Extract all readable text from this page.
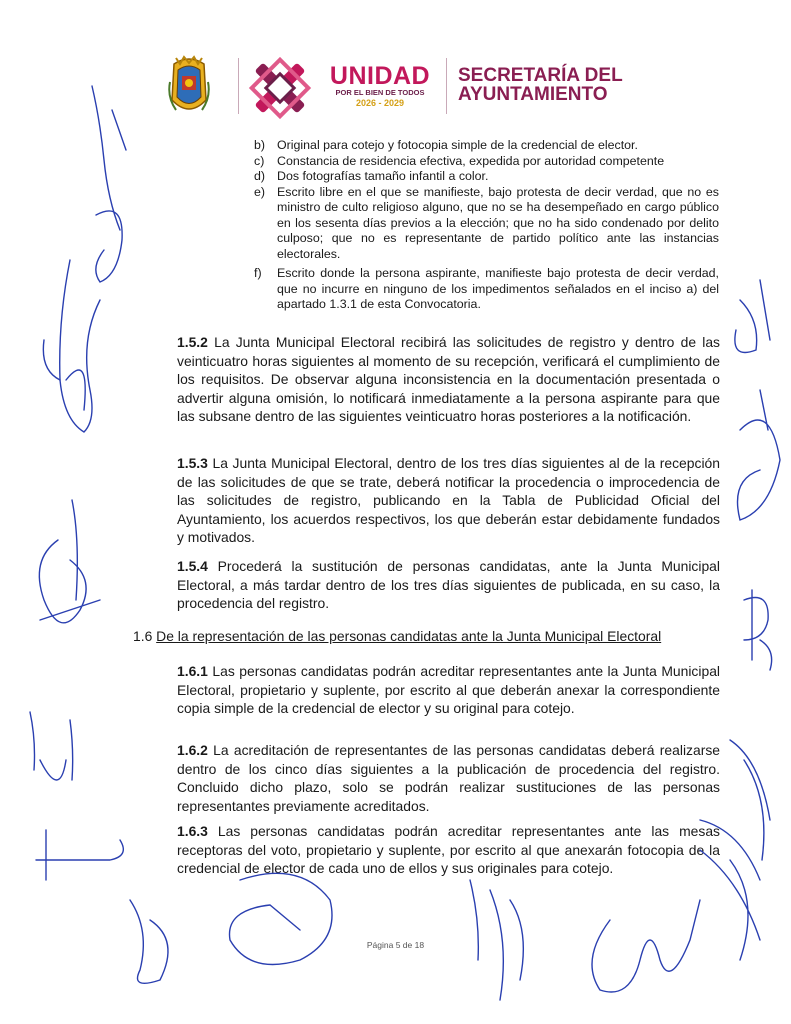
UNIDAD
POR EL BIEN DE TODOS
2026 - 2029
SECRETARÍA DEL
AYUNTAMIENTO
b) Original para cotejo y fotocopia simple de la credencial de elector.
c) Constancia de residencia efectiva, expedida por autoridad competente
d) Dos fotografías tamaño infantil a color.
e) Escrito libre en el que se manifieste, bajo protesta de decir verdad, que no es ministro de culto religioso alguno, que no se ha desempeñado en cargo público en los sesenta días previos a la elección; que no ha sido condenado por delito culposo; que no es representante de partido político ante las instancias electorales.
f) Escrito donde la persona aspirante, manifieste bajo protesta de decir verdad, que no incurre en ninguno de los impedimentos señalados en el inciso a) del apartado 1.3.1 de esta Convocatoria.
1.5.2 La Junta Municipal Electoral recibirá las solicitudes de registro y dentro de las veinticuatro horas siguientes al momento de su recepción, verificará el cumplimiento de los requisitos. De observar alguna inconsistencia en la documentación presentada o advertir alguna omisión, lo notificará inmediatamente a la persona aspirante para que las subsane dentro de las siguientes veinticuatro horas posteriores a la notificación.
1.5.3 La Junta Municipal Electoral, dentro de los tres días siguientes al de la recepción de las solicitudes de que se trate, deberá notificar la procedencia o improcedencia de las solicitudes de registro, publicando en la Tabla de Publicidad Oficial del Ayuntamiento, los acuerdos respectivos, los que deberán estar debidamente fundados y motivados.
1.5.4 Procederá la sustitución de personas candidatas, ante la Junta Municipal Electoral, a más tardar dentro de los tres días siguientes de publicada, en su caso, la procedencia del registro.
1.6 De la representación de las personas candidatas ante la Junta Municipal Electoral
1.6.1 Las personas candidatas podrán acreditar representantes ante la Junta Municipal Electoral, propietario y suplente, por escrito al que deberán anexar la correspondiente copia simple de la credencial de elector y su original para cotejo.
1.6.2 La acreditación de representantes de las personas candidatas deberá realizarse dentro de los cinco días siguientes a la publicación de procedencia del registro. Concluido dicho plazo, solo se podrán realizar sustituciones de las personas representantes previamente acreditados.
1.6.3 Las personas candidatas podrán acreditar representantes ante las mesas receptoras del voto, propietario y suplente, por escrito al que anexarán fotocopia de la credencial de elector de cada uno de ellos y sus originales para cotejo.
Página 5 de 18
